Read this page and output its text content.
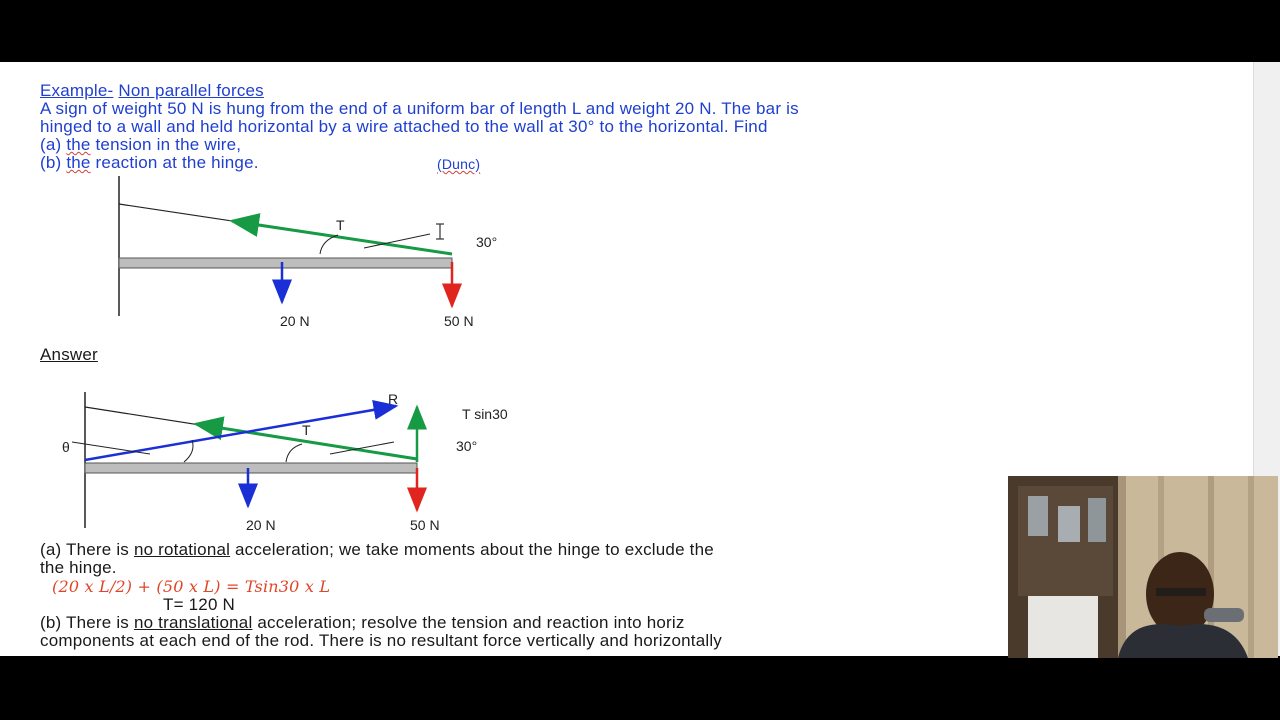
Example- Non parallel forces
A sign of weight 50 N is hung from the end of a uniform bar of length L and weight 20 N. The bar is
hinged to a wall and held horizontal by a wire attached to the wall at 30° to the horizontal. Find
(a) the tension in the wire,
(b) the reaction at the hinge.	(Dunc)
T
30°
20 N	50 N
Answer
R
T sin30
T
θ	30°
20 N	50 N
(a) There is no rotational acceleration; we take moments about the hinge to exclude the
the hinge.
(20 x L/2) + (50 x L) = Tsin30 x L
T= 120 N
(b) There is no translational acceleration; resolve the tension and reaction into horiz
components at each end of the rod. There is no resultant force vertically and horizontally
